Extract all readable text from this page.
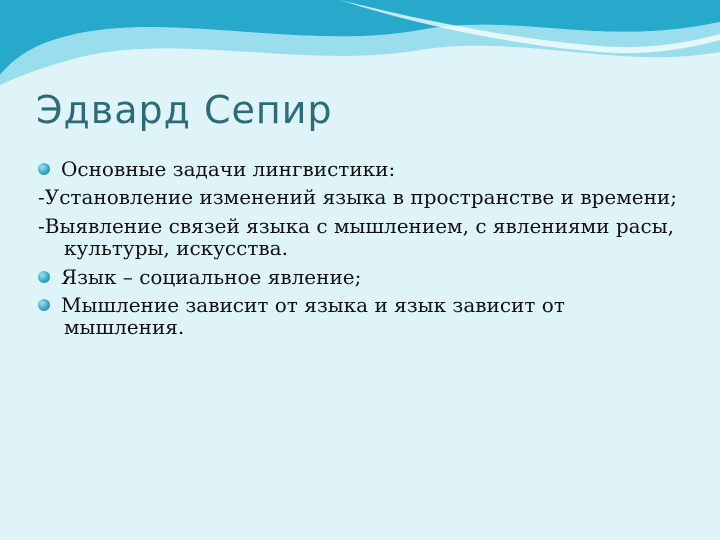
Эдвард Сепир

Основные задачи лингвистики:

-Установление изменений языка в пространстве и времени;

-Выявление связей языка с мышлением, с явлениями расы, культуры, искусства.

Язык – социальное явление;

Мышление зависит от языка и язык зависит от мышления.
